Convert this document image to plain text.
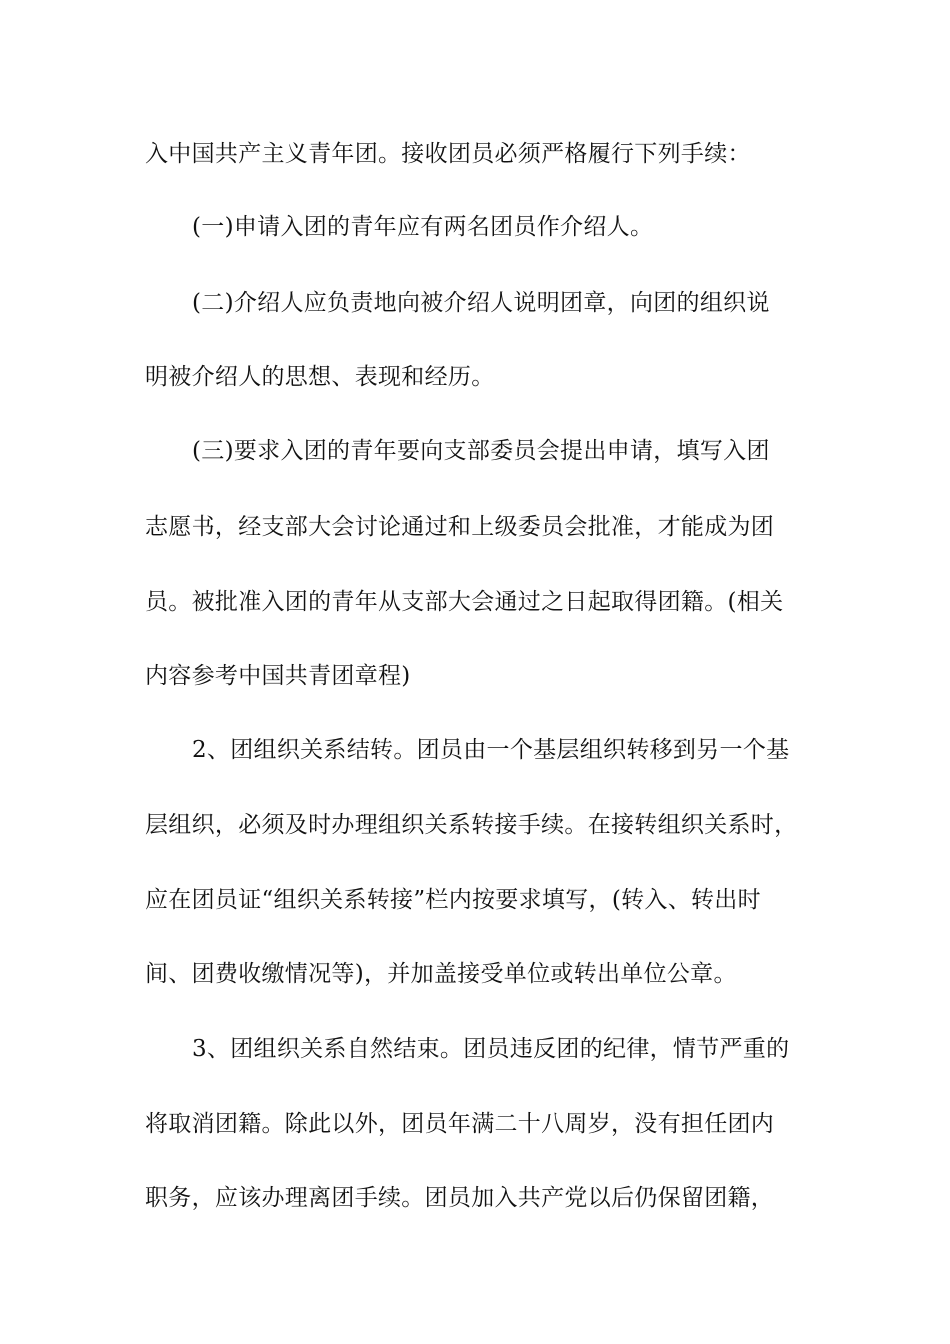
入中国共产主义青年团。接收团员必须严格履行下列手续：
(一)申请入团的青年应有两名团员作介绍人。
(二)介绍人应负责地向被介绍人说明团章，向团的组织说
明被介绍人的思想、表现和经历。
(三)要求入团的青年要向支部委员会提出申请，填写入团
志愿书，经支部大会讨论通过和上级委员会批准，才能成为团
员。被批准入团的青年从支部大会通过之日起取得团籍。(相关
内容参考中国共青团章程)
2、团组织关系结转。团员由一个基层组织转移到另一个基
层组织，必须及时办理组织关系转接手续。在接转组织关系时，
应在团员证“组织关系转接”栏内按要求填写，(转入、转出时
间、团费收缴情况等)，并加盖接受单位或转出单位公章。
3、团组织关系自然结束。团员违反团的纪律，情节严重的
将取消团籍。除此以外，团员年满二十八周岁，没有担任团内
职务，应该办理离团手续。团员加入共产党以后仍保留团籍，
